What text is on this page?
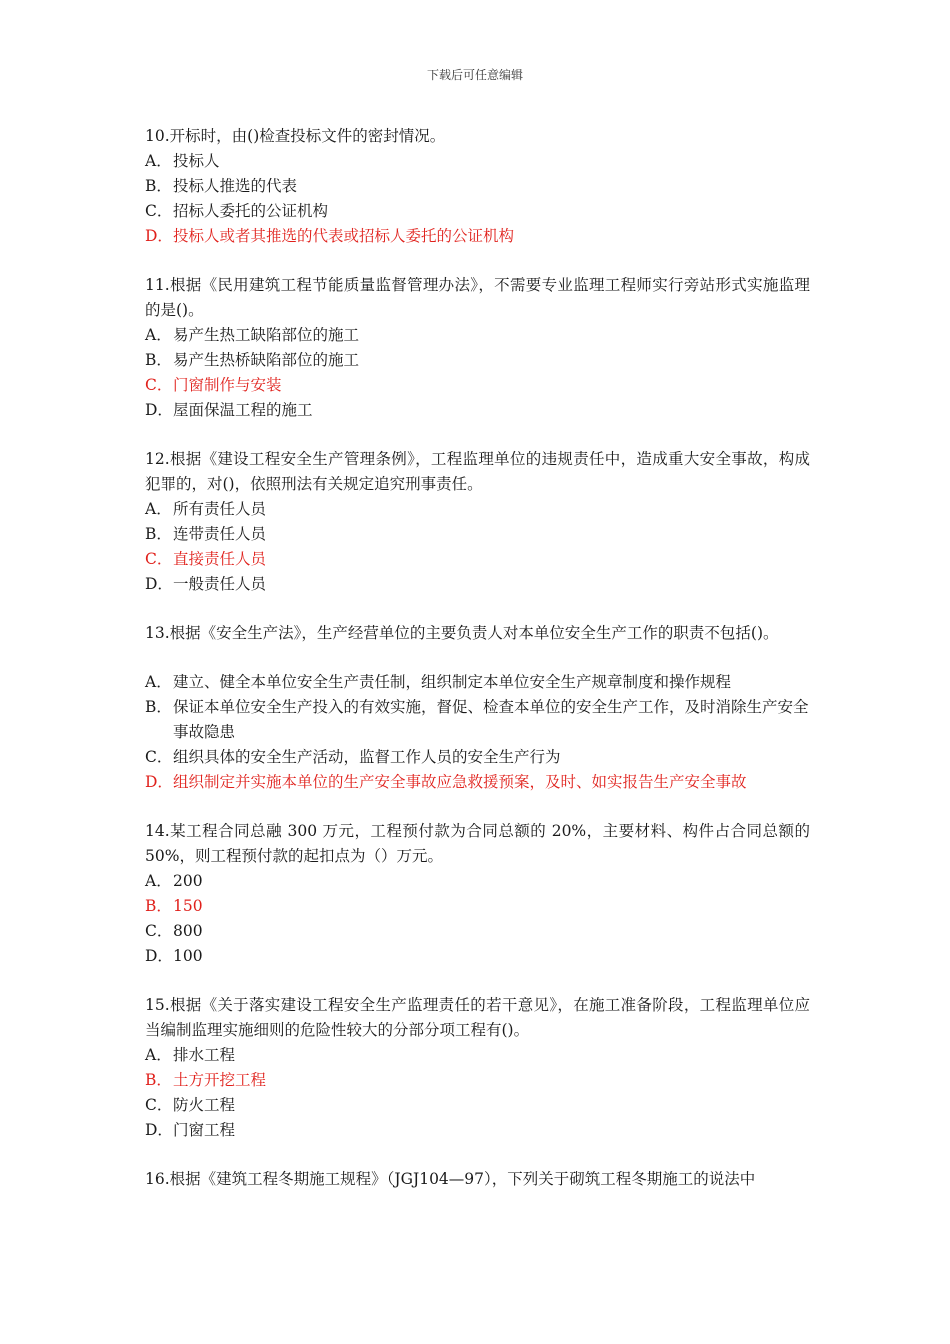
下载后可任意编辑
10.开标时，由()检查投标文件的密封情况。
A． 投标人
B． 投标人推选的代表
C． 招标人委托的公证机构
D． 投标人或者其推选的代表或招标人委托的公证机构
11.根据《民用建筑工程节能质量监督管理办法》，不需要专业监理工程师实行旁站形式实施监理的是()。
A． 易产生热工缺陷部位的施工
B． 易产生热桥缺陷部位的施工
C． 门窗制作与安装
D． 屋面保温工程的施工
12.根据《建设工程安全生产管理条例》，工程监理单位的违规责任中，造成重大安全事故，构成犯罪的，对()，依照刑法有关规定追究刑事责任。
A． 所有责任人员
B． 连带责任人员
C． 直接责任人员
D． 一般责任人员
13.根据《安全生产法》，生产经营单位的主要负责人对本单位安全生产工作的职责不包括()。
A． 建立、健全本单位安全生产责任制，组织制定本单位安全生产规章制度和操作规程
B． 保证本单位安全生产投入的有效实施，督促、检查本单位的安全生产工作，及时消除生产安全事故隐患
C． 组织具体的安全生产活动，监督工作人员的安全生产行为
D． 组织制定并实施本单位的生产安全事故应急救援预案，及时、如实报告生产安全事故
14.某工程合同总融 300 万元，工程预付款为合同总额的 20%，主要材料、构件占合同总额的 50%，则工程预付款的起扣点为（）万元。
A． 200
B． 150
C． 800
D． 100
15.根据《关于落实建设工程安全生产监理责任的若干意见》，在施工准备阶段，工程监理单位应当编制监理实施细则的危险性较大的分部分项工程有()。
A． 排水工程
B． 土方开挖工程
C． 防火工程
D． 门窗工程
16.根据《建筑工程冬期施工规程》（JGJ104—97），下列关于砌筑工程冬期施工的说法中
